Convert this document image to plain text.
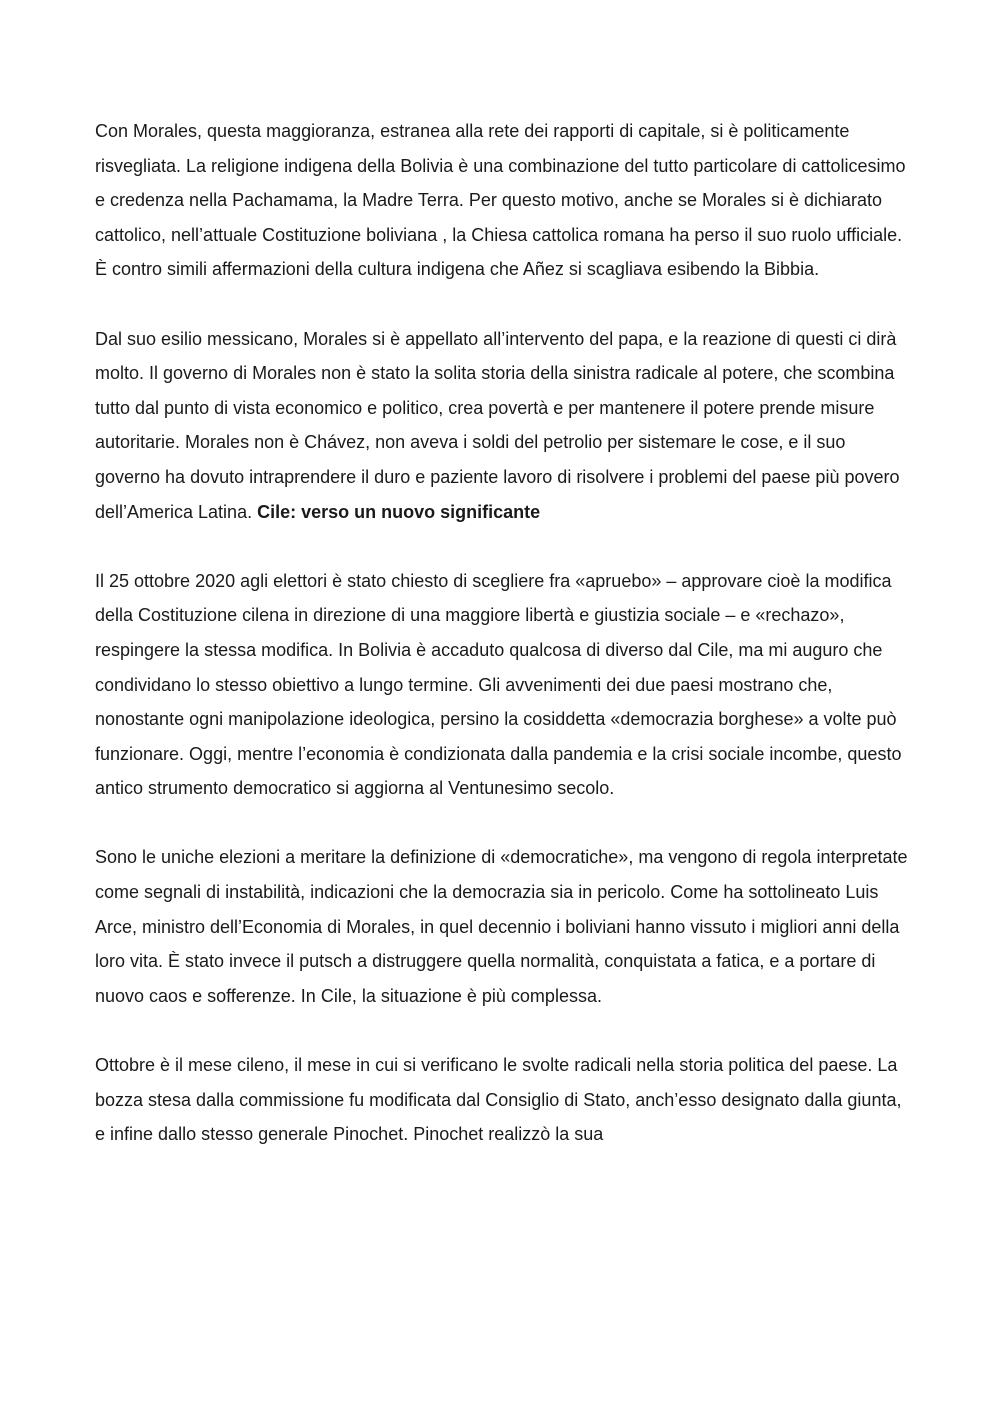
Con Morales, questa maggioranza, estranea alla rete dei rapporti di capitale, si è politicamente risvegliata. La religione indigena della Bolivia è una combinazione del tutto particolare di cattolicesimo e credenza nella Pachamama, la Madre Terra. Per questo motivo, anche se Morales si è dichiarato cattolico, nell’attuale Costituzione boliviana , la Chiesa cattolica romana ha perso il suo ruolo ufficiale. È contro simili affermazioni della cultura indigena che Añez si scagliava esibendo la Bibbia.

Dal suo esilio messicano, Morales si è appellato all’intervento del papa, e la reazione di questi ci dirà molto. Il governo di Morales non è stato la solita storia della sinistra radicale al potere, che scombina tutto dal punto di vista economico e politico, crea povertà e per mantenere il potere prende misure autoritarie. Morales non è Chávez, non aveva i soldi del petrolio per sistemare le cose, e il suo governo ha dovuto intraprendere il duro e paziente lavoro di risolvere i problemi del paese più povero dell’America Latina. Cile: verso un nuovo significante

Il 25 ottobre 2020 agli elettori è stato chiesto di scegliere fra «apruebo» – approvare cioè la modifica della Costituzione cilena in direzione di una maggiore libertà e giustizia sociale – e «rechazo», respingere la stessa modifica. In Bolivia è accaduto qualcosa di diverso dal Cile, ma mi auguro che condividano lo stesso obiettivo a lungo termine. Gli avvenimenti dei due paesi mostrano che, nonostante ogni manipolazione ideologica, persino la cosiddetta «democrazia borghese» a volte può funzionare. Oggi, mentre l’economia è condizionata dalla pandemia e la crisi sociale incombe, questo antico strumento democratico si aggiorna al Ventunesimo secolo.

Sono le uniche elezioni a meritare la definizione di «democratiche», ma vengono di regola interpretate come segnali di instabilità, indicazioni che la democrazia sia in pericolo. Come ha sottolineato Luis Arce, ministro dell’Economia di Morales, in quel decennio i boliviani hanno vissuto i migliori anni della loro vita. È stato invece il putsch a distruggere quella normalità, conquistata a fatica, e a portare di nuovo caos e sofferenze. In Cile, la situazione è più complessa.

Ottobre è il mese cileno, il mese in cui si verificano le svolte radicali nella storia politica del paese. La bozza stesa dalla commissione fu modificata dal Consiglio di Stato, anch’esso designato dalla giunta, e infine dallo stesso generale Pinochet. Pinochet realizzò la sua
